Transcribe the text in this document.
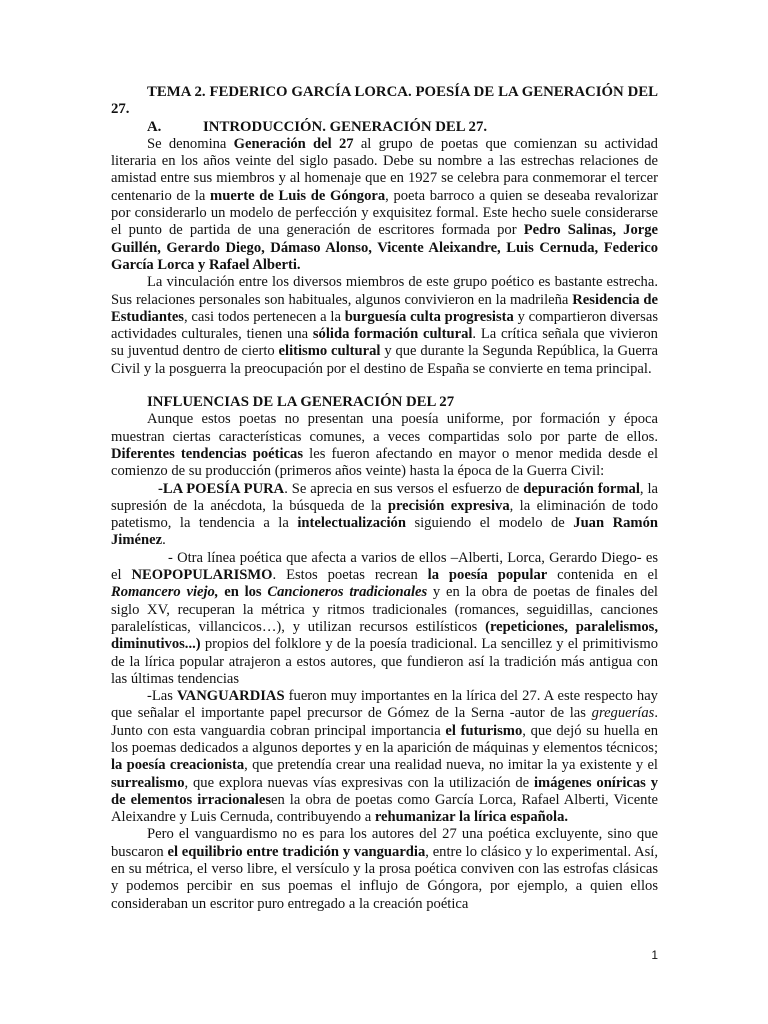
TEMA 2. FEDERICO GARCÍA LORCA. POESÍA DE LA GENERACIÓN DEL 27.

A.	INTRODUCCIÓN. GENERACIÓN DEL 27.

Se denomina Generación del 27 al grupo de poetas que comienzan su actividad literaria en los años veinte del siglo pasado. Debe su nombre a las estrechas relaciones de amistad entre sus miembros y al homenaje que en 1927 se celebra para conmemorar el tercer centenario de la muerte de Luis de Góngora, poeta barroco a quien se deseaba revalorizar por considerarlo un modelo de perfección y exquisitez formal. Este hecho suele considerarse el punto de partida de una generación de escritores formada por Pedro Salinas, Jorge Guillén, Gerardo Diego, Dámaso Alonso, Vicente Aleixandre, Luis Cernuda, Federico García Lorca y Rafael Alberti.

La vinculación entre los diversos miembros de este grupo poético es bastante estrecha. Sus relaciones personales son habituales, algunos convivieron en la madrileña Residencia de Estudiantes, casi todos pertenecen a la burguesía culta progresista y compartieron diversas actividades culturales, tienen una sólida formación cultural. La crítica señala que vivieron su juventud dentro de cierto elitismo cultural y que durante la Segunda República, la Guerra Civil y la posguerra la preocupación por el destino de España se convierte en tema principal.

INFLUENCIAS DE LA GENERACIÓN DEL 27

Aunque estos poetas no presentan una poesía uniforme, por formación y época muestran ciertas características comunes, a veces compartidas solo por parte de ellos. Diferentes tendencias poéticas les fueron afectando en mayor o menor medida desde el comienzo de su producción (primeros años veinte) hasta la época de la Guerra Civil:

-LA POESÍA PURA. Se aprecia en sus versos el esfuerzo de depuración formal, la supresión de la anécdota, la búsqueda de la precisión expresiva, la eliminación de todo patetismo, la tendencia a la intelectualización siguiendo el modelo de Juan Ramón Jiménez.

- Otra línea poética que afecta a varios de ellos –Alberti, Lorca, Gerardo Diego- es el NEOPOPULARISMO. Estos poetas recrean la poesía popular contenida en el Romancero viejo, en los Cancioneros tradicionales y en la obra de poetas de finales del siglo XV, recuperan la métrica y ritmos tradicionales (romances, seguidillas, canciones paralelísticas, villancicos…), y utilizan recursos estilísticos (repeticiones, paralelismos, diminutivos...) propios del folklore y de la poesía tradicional. La sencillez y el primitivismo de la lírica popular atrajeron a estos autores, que fundieron así la tradición más antigua con las últimas tendencias

-Las VANGUARDIAS fueron muy importantes en la lírica del 27. A este respecto hay que señalar el importante papel precursor de Gómez de la Serna -autor de las greguerías. Junto con esta vanguardia cobran principal importancia el futurismo, que dejó su huella en los poemas dedicados a algunos deportes y en la aparición de máquinas y elementos técnicos; la poesía creacionista, que pretendía crear una realidad nueva, no imitar la ya existente y el surrealismo, que explora nuevas vías expresivas con la utilización de imágenes oníricas y de elementos irracionalesen la obra de poetas como García Lorca, Rafael Alberti, Vicente Aleixandre y Luis Cernuda, contribuyendo a rehumanizar la lírica española.

Pero el vanguardismo no es para los autores del 27 una poética excluyente, sino que buscaron el equilibrio entre tradición y vanguardia, entre lo clásico y lo experimental. Así, en su métrica, el verso libre, el versículo y la prosa poética conviven con las estrofas clásicas y podemos percibir en sus poemas el influjo de Góngora, por ejemplo, a quien ellos consideraban un escritor puro entregado a la creación poética

1
